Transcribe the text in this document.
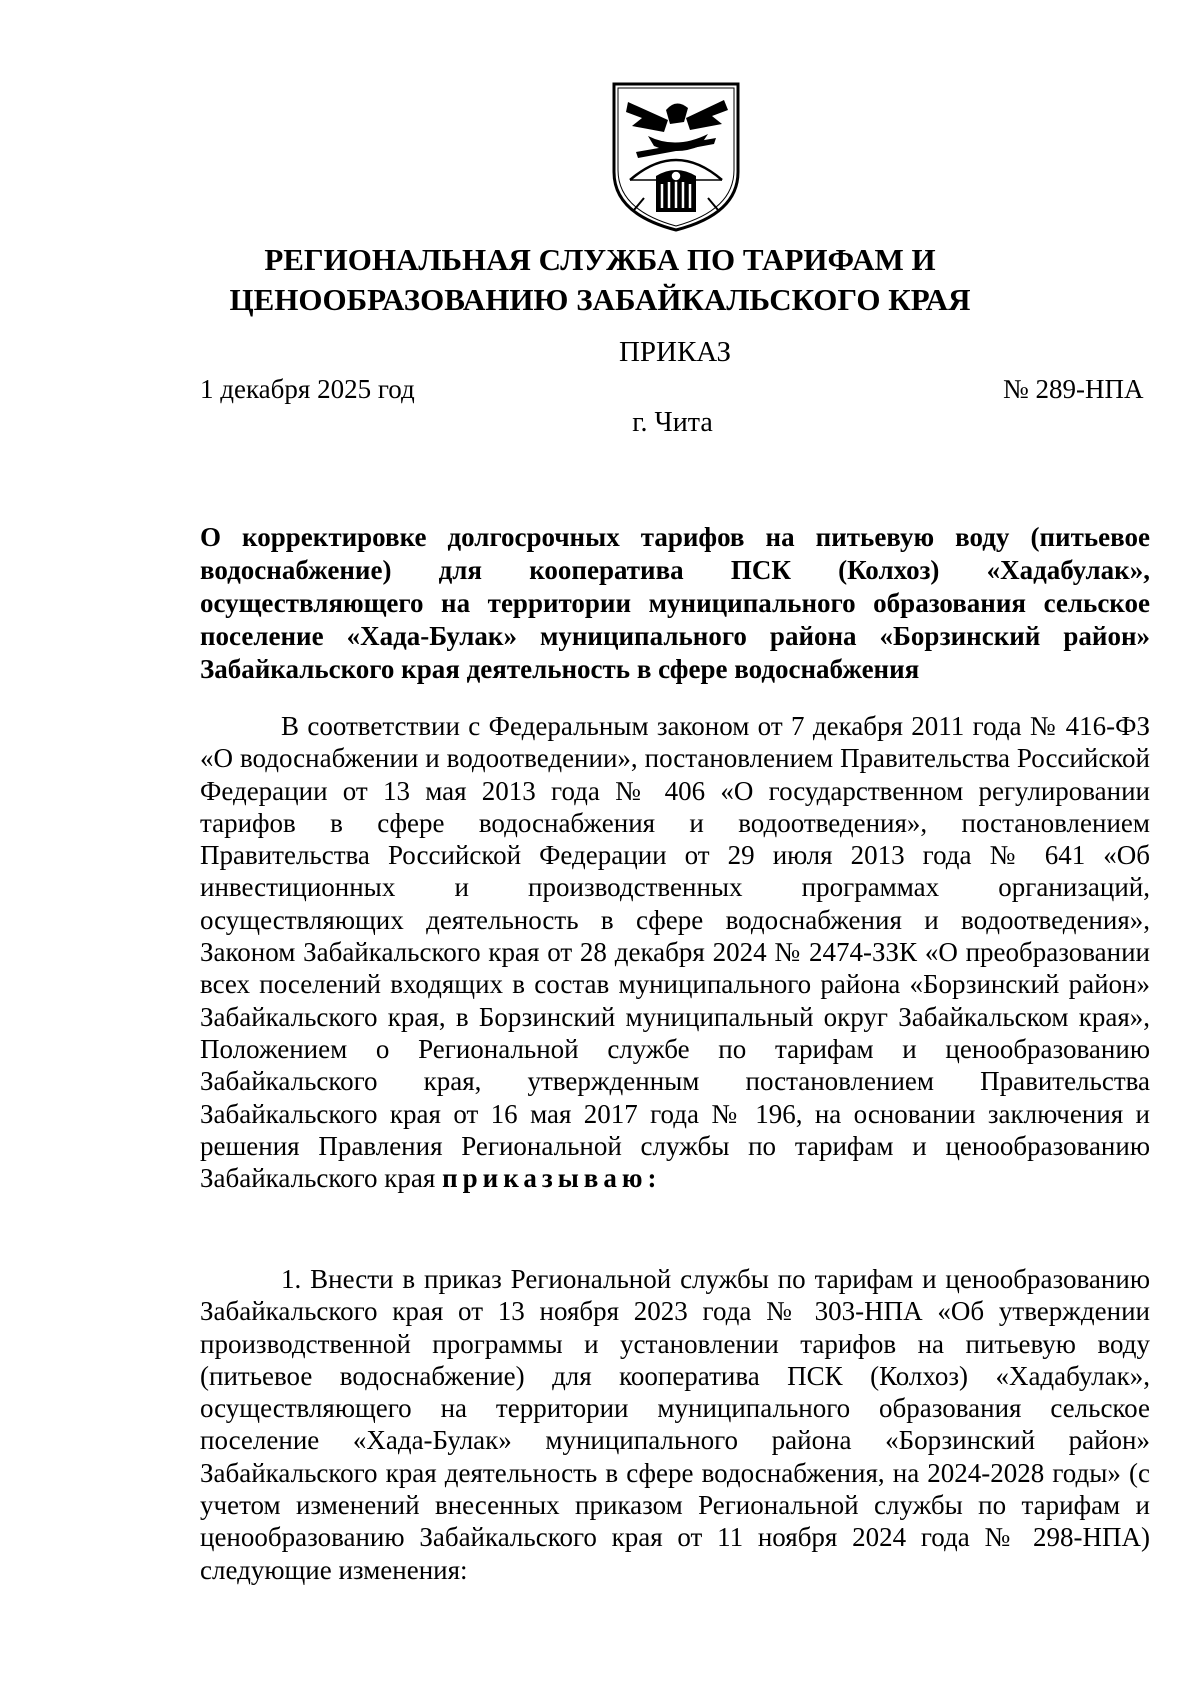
РЕГИОНАЛЬНАЯ СЛУЖБА ПО ТАРИФАМ И ЦЕНООБРАЗОВАНИЮ ЗАБАЙКАЛЬСКОГО КРАЯ
ПРИКАЗ
1 декабря 2025 год	№ 289-НПА
г. Чита
О корректировке долгосрочных тарифов на питьевую воду (питьевое водоснабжение) для кооператива ПСК (Колхоз) «Хадабулак», осуществляющего на территории муниципального образования сельское поселение «Хада-Булак» муниципального района «Борзинский район» Забайкальского края деятельность в сфере водоснабжения
В соответствии с Федеральным законом от 7 декабря 2011 года № 416-ФЗ «О водоснабжении и водоотведении», постановлением Правительства Российской Федерации от 13 мая 2013 года № 406 «О государственном регулировании тарифов в сфере водоснабжения и водоотведения», постановлением Правительства Российской Федерации от 29 июля 2013 года № 641 «Об инвестиционных и производственных программах организаций, осуществляющих деятельность в сфере водоснабжения и водоотведения», Законом Забайкальского края от 28 декабря 2024 № 2474-ЗЗК «О преобразовании всех поселений входящих в состав муниципального района «Борзинский район» Забайкальского края, в Борзинский муниципальный округ Забайкальском края», Положением о Региональной службе по тарифам и ценообразованию Забайкальского края, утвержденным постановлением Правительства Забайкальского края от 16 мая 2017 года № 196, на основании заключения и решения Правления Региональной службы по тарифам и ценообразованию Забайкальского края приказываю:
1. Внести в приказ Региональной службы по тарифам и ценообразованию Забайкальского края от 13 ноября 2023 года № 303-НПА «Об утверждении производственной программы и установлении тарифов на питьевую воду (питьевое водоснабжение) для кооператива ПСК (Колхоз) «Хадабулак», осуществляющего на территории муниципального образования сельское поселение «Хада-Булак» муниципального района «Борзинский район» Забайкальского края деятельность в сфере водоснабжения, на 2024-2028 годы» (с учетом изменений внесенных приказом Региональной службы по тарифам и ценообразованию Забайкальского края от 11 ноября 2024 года № 298-НПА) следующие изменения:
